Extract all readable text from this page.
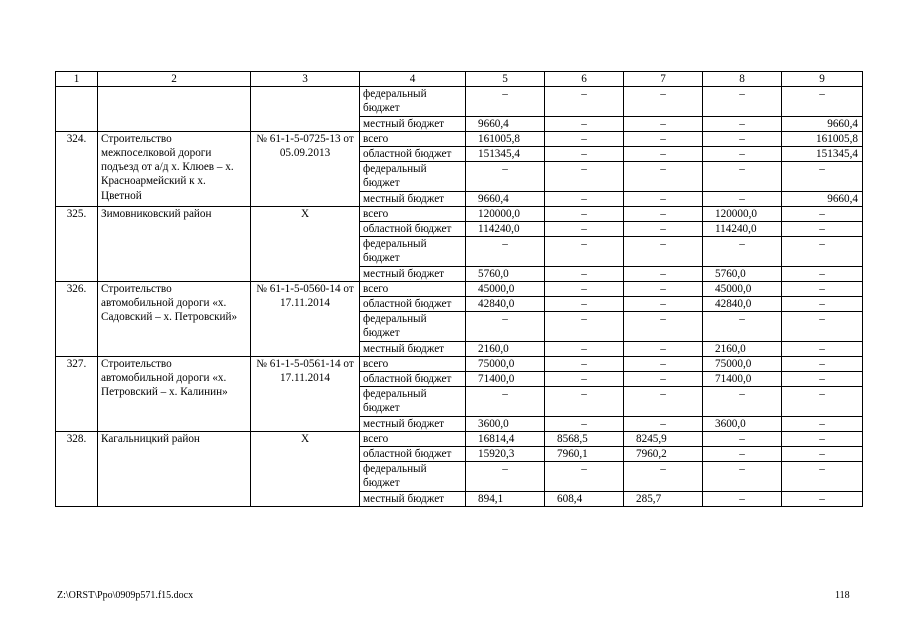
1	2	3	4	5	6	7	8	9
			федеральный бюджет	–	–	–	–	–
			местный бюджет	9660,4	–	–	–	9660,4
324.	Строительство межпоселковой дороги подъезд от а/д х. Клюев – х. Красноармейский к х. Цветной	№ 61-1-5-0725-13 от 05.09.2013	всего	161005,8	–	–	–	161005,8
			областной бюджет	151345,4	–	–	–	151345,4
			федеральный бюджет	–	–	–	–	–
			местный бюджет	9660,4	–	–	–	9660,4
325.	Зимовниковский район	Х	всего	120000,0	–	–	120000,0	–
			областной бюджет	114240,0	–	–	114240,0	–
			федеральный бюджет	–	–	–	–	–
			местный бюджет	5760,0	–	–	5760,0	–
326.	Строительство автомобильной дороги «х. Садовский – х. Петровский»	№ 61-1-5-0560-14 от 17.11.2014	всего	45000,0	–	–	45000,0	–
			областной бюджет	42840,0	–	–	42840,0	–
			федеральный бюджет	–	–	–	–	–
			местный бюджет	2160,0	–	–	2160,0	–
327.	Строительство автомобильной дороги «х. Петровский – х. Калинин»	№ 61-1-5-0561-14 от 17.11.2014	всего	75000,0	–	–	75000,0	–
			областной бюджет	71400,0	–	–	71400,0	–
			федеральный бюджет	–	–	–	–	–
			местный бюджет	3600,0	–	–	3600,0	–
328.	Кагальницкий район	Х	всего	16814,4	8568,5	8245,9	–	–
			областной бюджет	15920,3	7960,1	7960,2	–	–
			федеральный бюджет	–	–	–	–	–
			местный бюджет	894,1	608,4	285,7	–	–
Z:\ORST\Ppo\0909p571.f15.docx	118
